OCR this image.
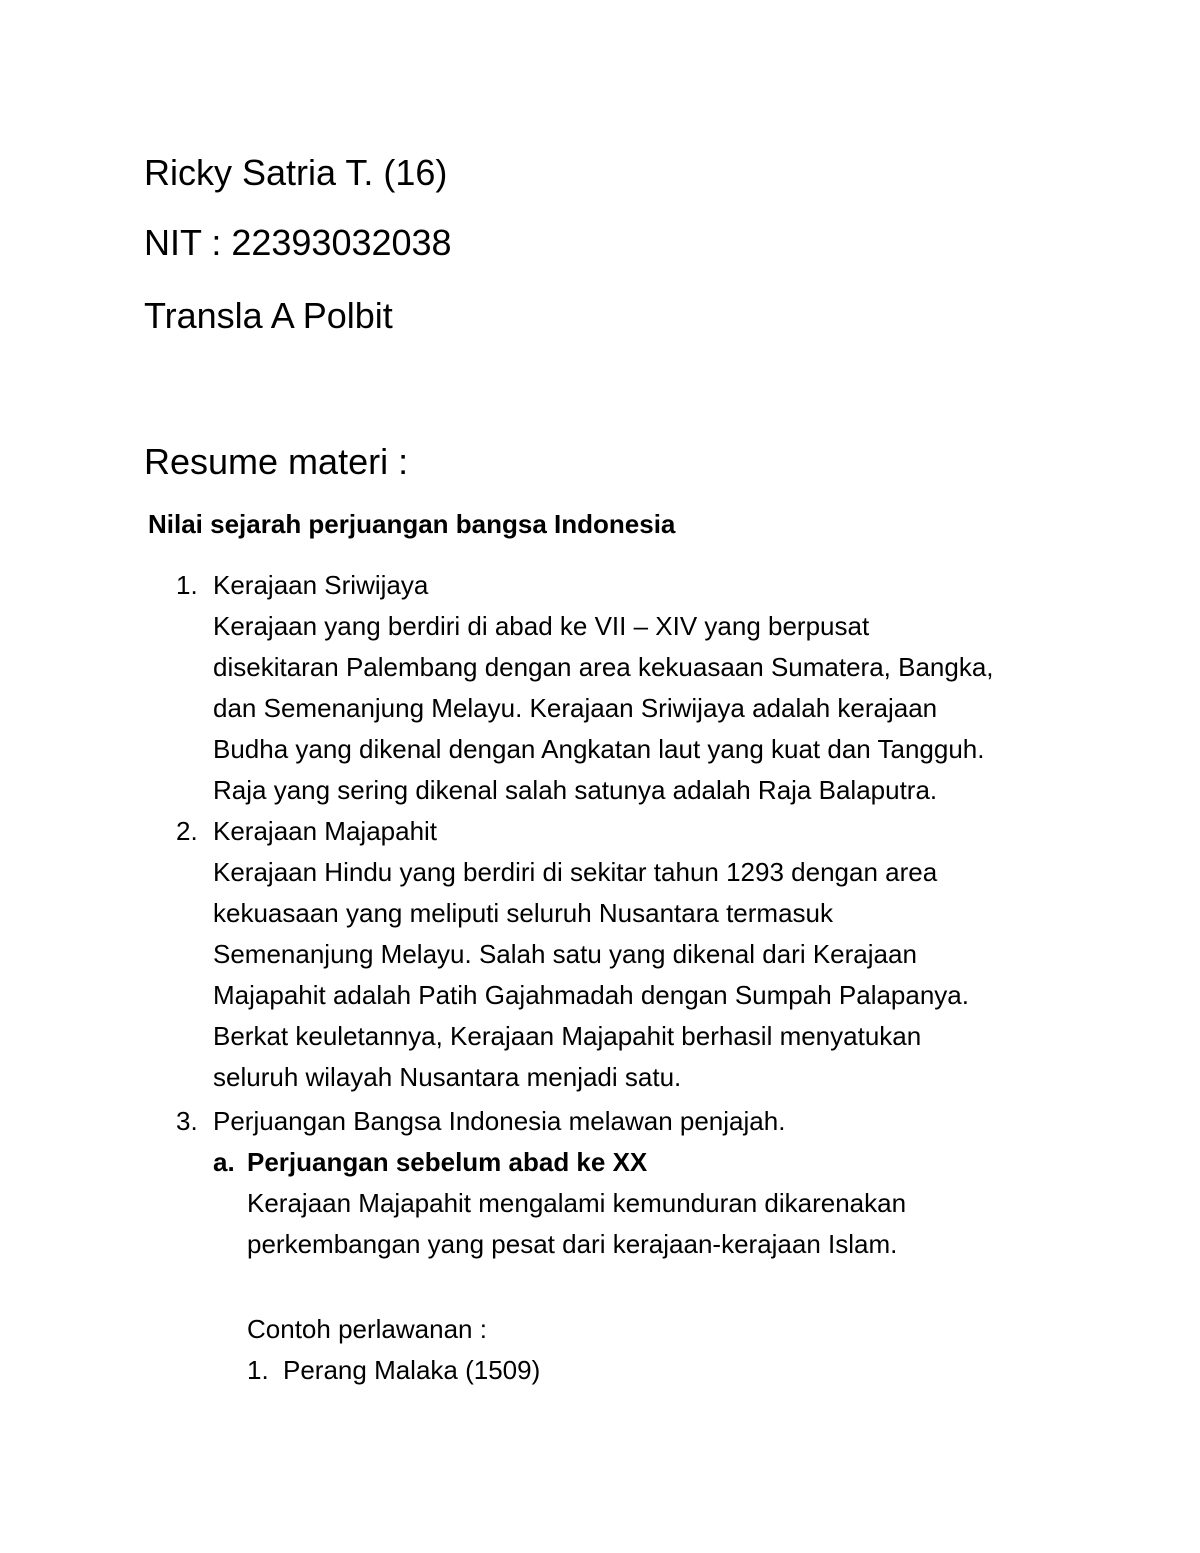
Ricky Satria T. (16)
NIT : 22393032038
Transla A Polbit
Resume materi :
Nilai sejarah perjuangan bangsa Indonesia
1. Kerajaan Sriwijaya
Kerajaan yang berdiri di abad ke VII – XIV yang berpusat
disekitaran Palembang dengan area kekuasaan Sumatera, Bangka,
dan Semenanjung Melayu. Kerajaan Sriwijaya adalah kerajaan
Budha yang dikenal dengan Angkatan laut yang kuat dan Tangguh.
Raja yang sering dikenal salah satunya adalah Raja Balaputra.
2. Kerajaan Majapahit
Kerajaan Hindu yang berdiri di sekitar tahun 1293 dengan area
kekuasaan yang meliputi seluruh Nusantara termasuk
Semenanjung Melayu. Salah satu yang dikenal dari Kerajaan
Majapahit adalah Patih Gajahmadah dengan Sumpah Palapanya.
Berkat keuletannya, Kerajaan Majapahit berhasil menyatukan
seluruh wilayah Nusantara menjadi satu.
3. Perjuangan Bangsa Indonesia melawan penjajah.
a. Perjuangan sebelum abad ke XX
Kerajaan Majapahit mengalami kemunduran dikarenakan
perkembangan yang pesat dari kerajaan-kerajaan Islam.
Contoh perlawanan :
1. Perang Malaka (1509)
